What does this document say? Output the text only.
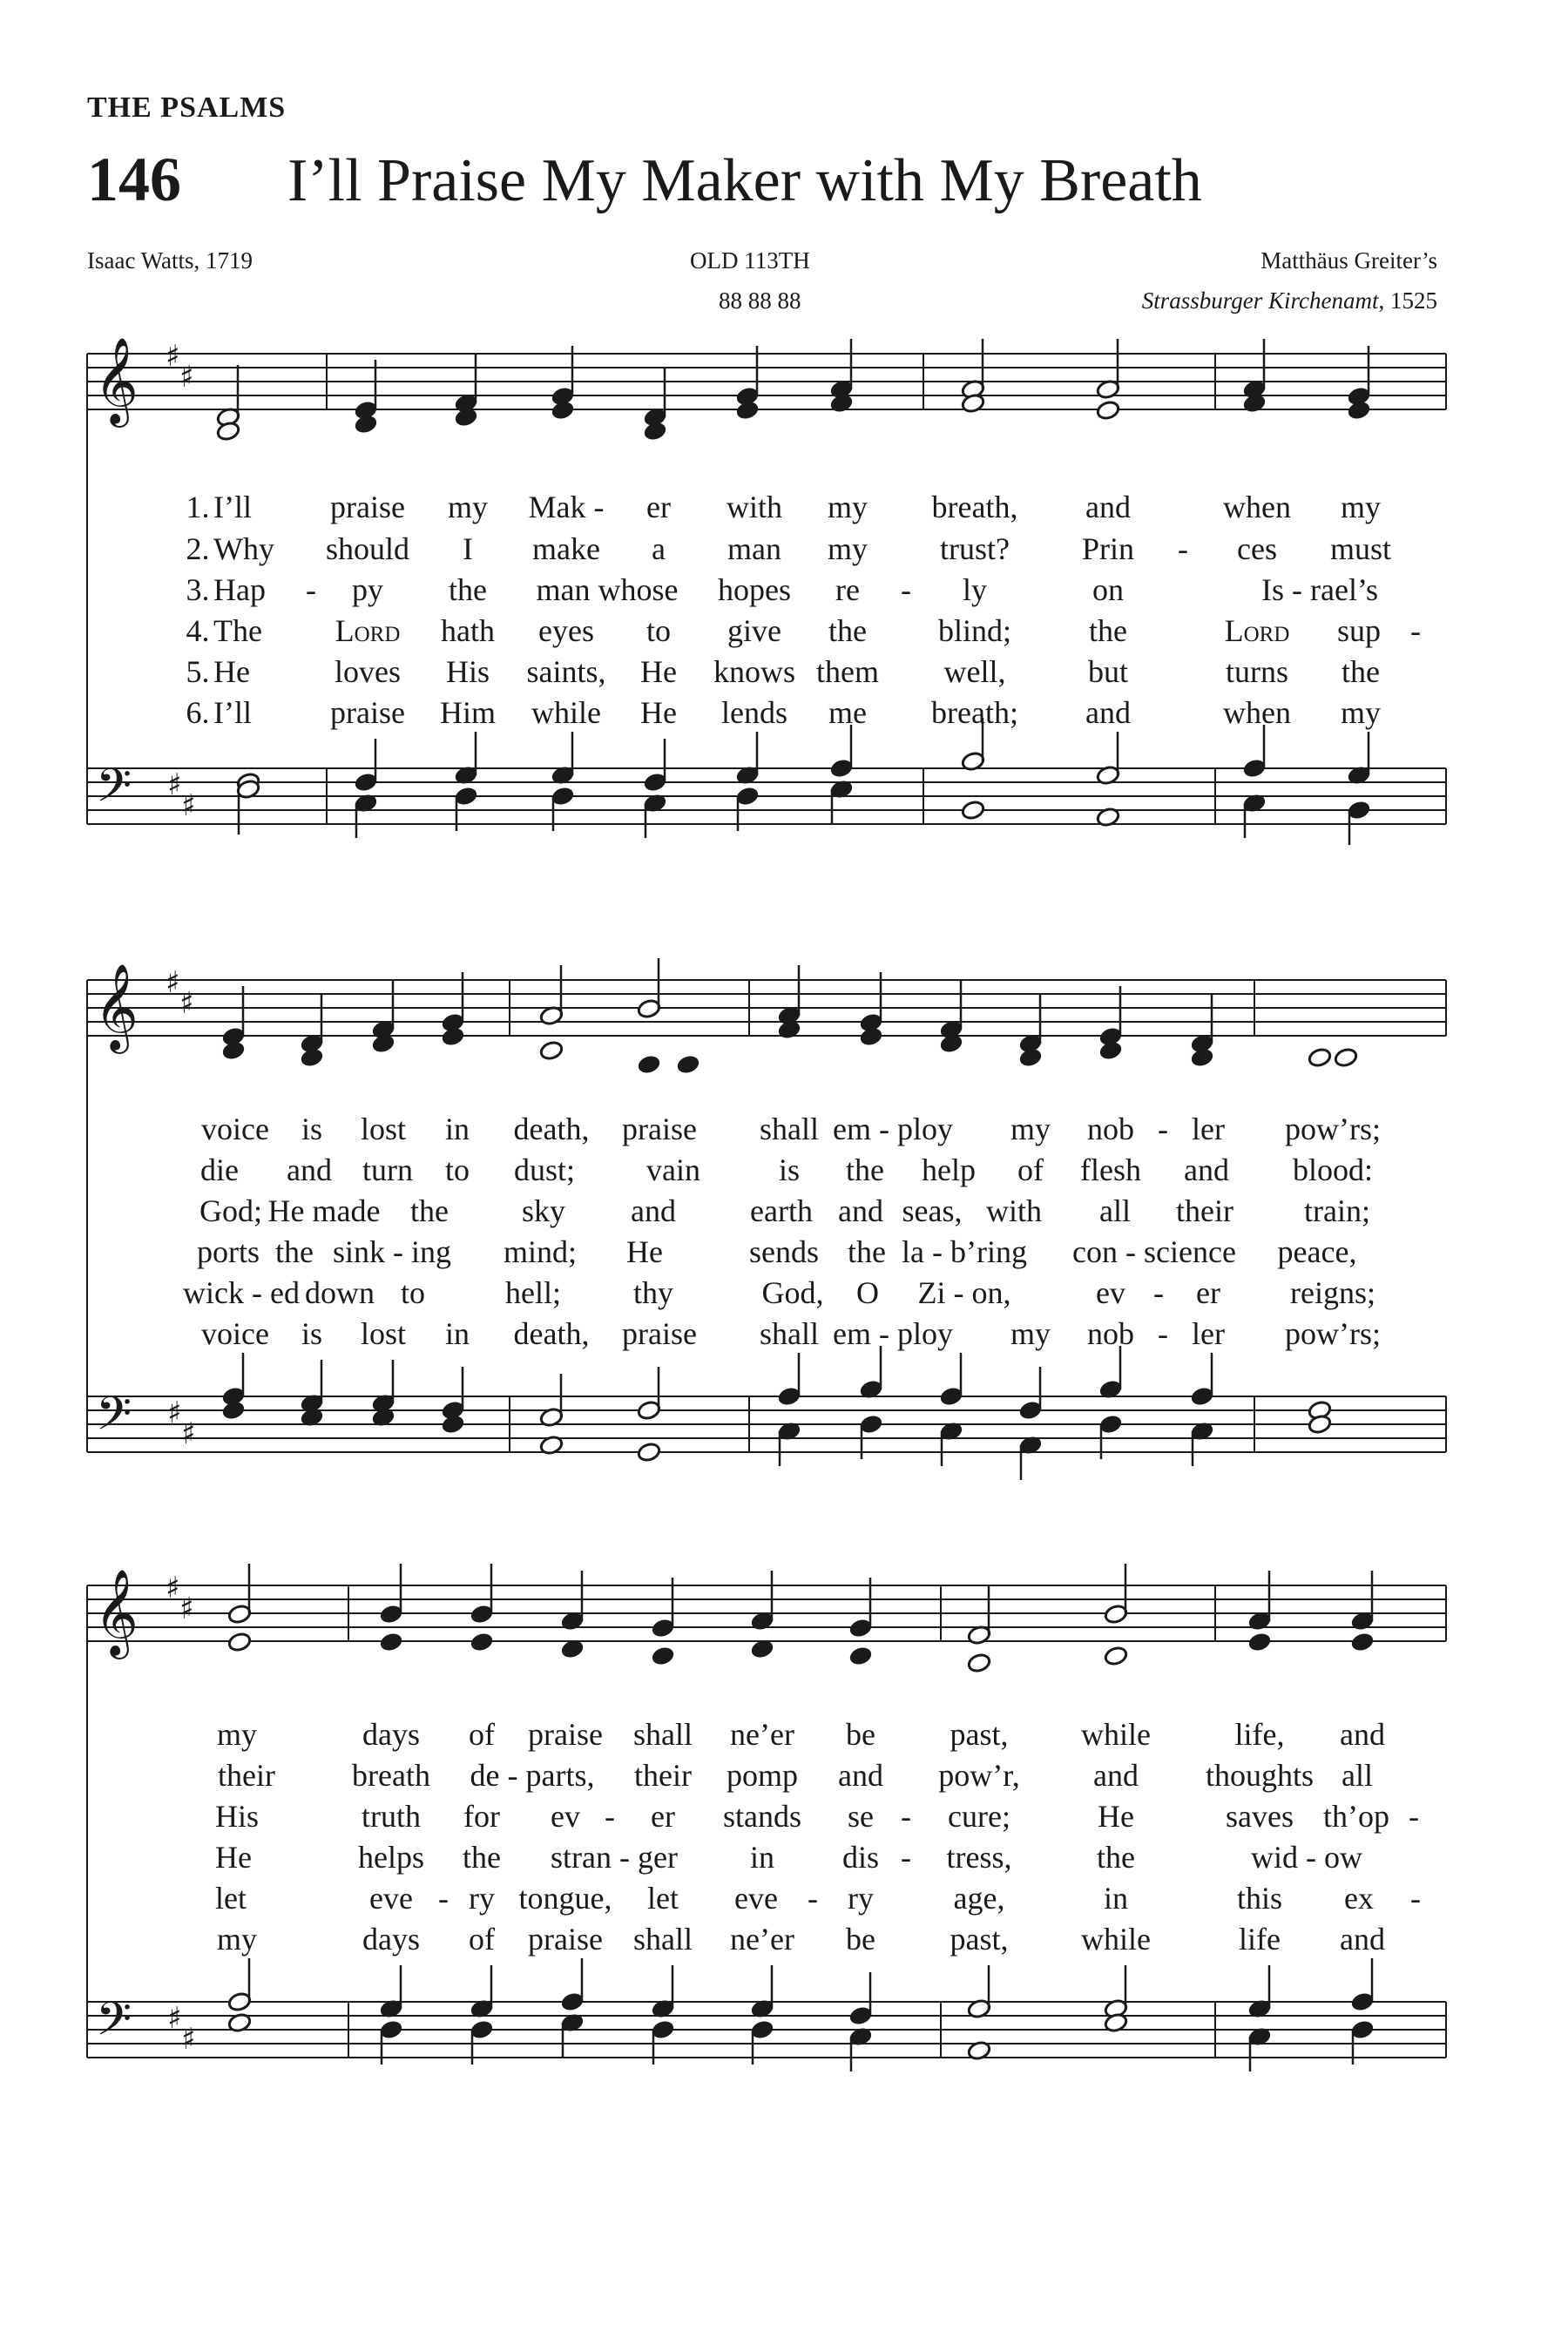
THE PSALMS
146 I’ll Praise My Maker with My Breath
Isaac Watts, 1719	OLD 113TH
88 88 88
Matthäus Greiter’s
Strassburger Kirchenamt, 1525
𝄞
𝄢
♯
♯
♯
♯
𝄞
𝄢
♯
♯
♯
♯
𝄞
𝄢
♯
♯
♯
♯
1. I’ll	praise my Mak - er with my breath, and	when my
2. Why should I make a man my trust? Prin - ces must
3. Hap - py the man whose hopes re - ly	on	Is - rael’s
4. The Lord hath eyes to give the blind; the	Lord sup -
5. He	loves His saints, He knows them well,	but	turns the
6. I’ll	praise Him while He lends me breath; and	when my
voice is lost in death, praise shall em - ploy my nob - ler pow’rs;
die and turn to dust; vain	is the help of flesh and blood:
God; He made the sky and earth and seas, with all their train;
ports the sink - ing mind; He	sends the la - b’ring con - science peace,
wick - ed down to	hell; thy	God, O Zi - on,	ev - er reigns;
voice is lost in death, praise shall em - ploy my nob - ler pow’rs;
my	days of praise shall ne’er be past, while	life, and
their breath de - parts, their pomp and pow’r, and thoughts all
His	truth for ev - er stands se - cure;	He	saves th’op -
He	helps the stran - ger in dis - tress,	the	wid - ow
let	eve - ry tongue, let eve - ry	age,	in	this ex -
my	days of praise shall ne’er be past, while	life and
